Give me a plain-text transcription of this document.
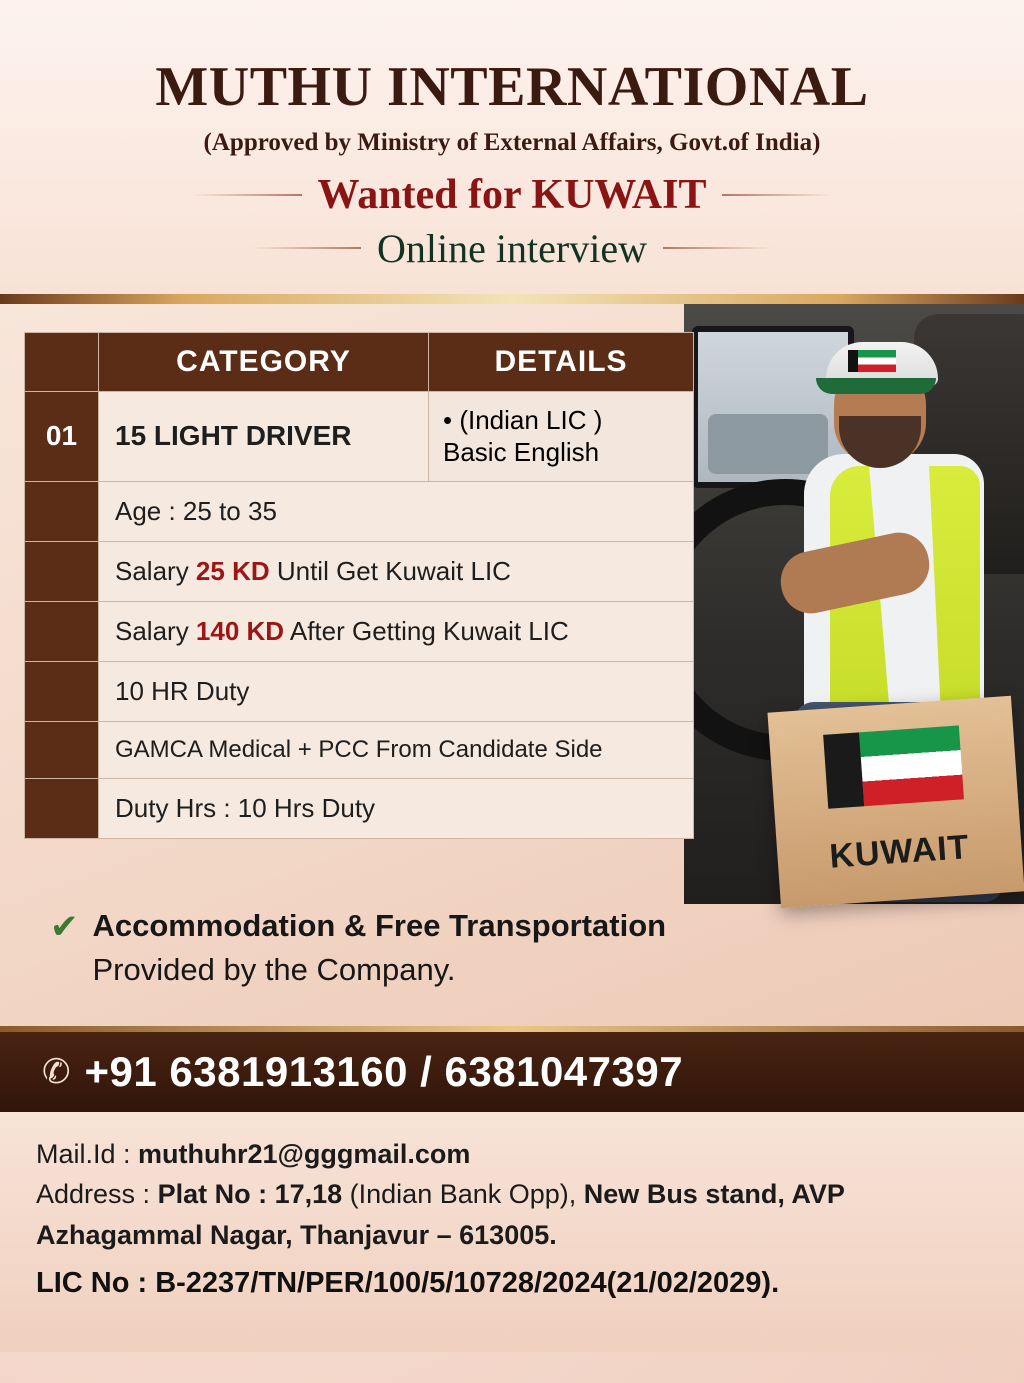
MUTHU INTERNATIONAL
(Approved by Ministry of External Affairs, Govt.of India)
Wanted for KUWAIT
Online interview
KUWAIT
	CATEGORY	DETAILS
01	15 LIGHT DRIVER	• (Indian LIC )
Basic English

	Age : 25 to 35	
	Salary 25 KD Until Get Kuwait LIC	
	Salary 140 KD After Getting Kuwait LIC	
	10 HR Duty	
	GAMCA Medical + PCC From Candidate Side	
	Duty Hrs : 10 Hrs Duty	
✔ Accommodation & Free Transportation
Provided by the Company.
✆ +91 6381913160 / 6381047397
Mail.Id : muthuhr21@gggmail.com
Address : Plat No : 17,18 (Indian Bank Opp), New Bus stand, AVP
Azhagammal Nagar, Thanjavur – 613005.
LIC No : B-2237/TN/PER/100/5/10728/2024(21/02/2029).
